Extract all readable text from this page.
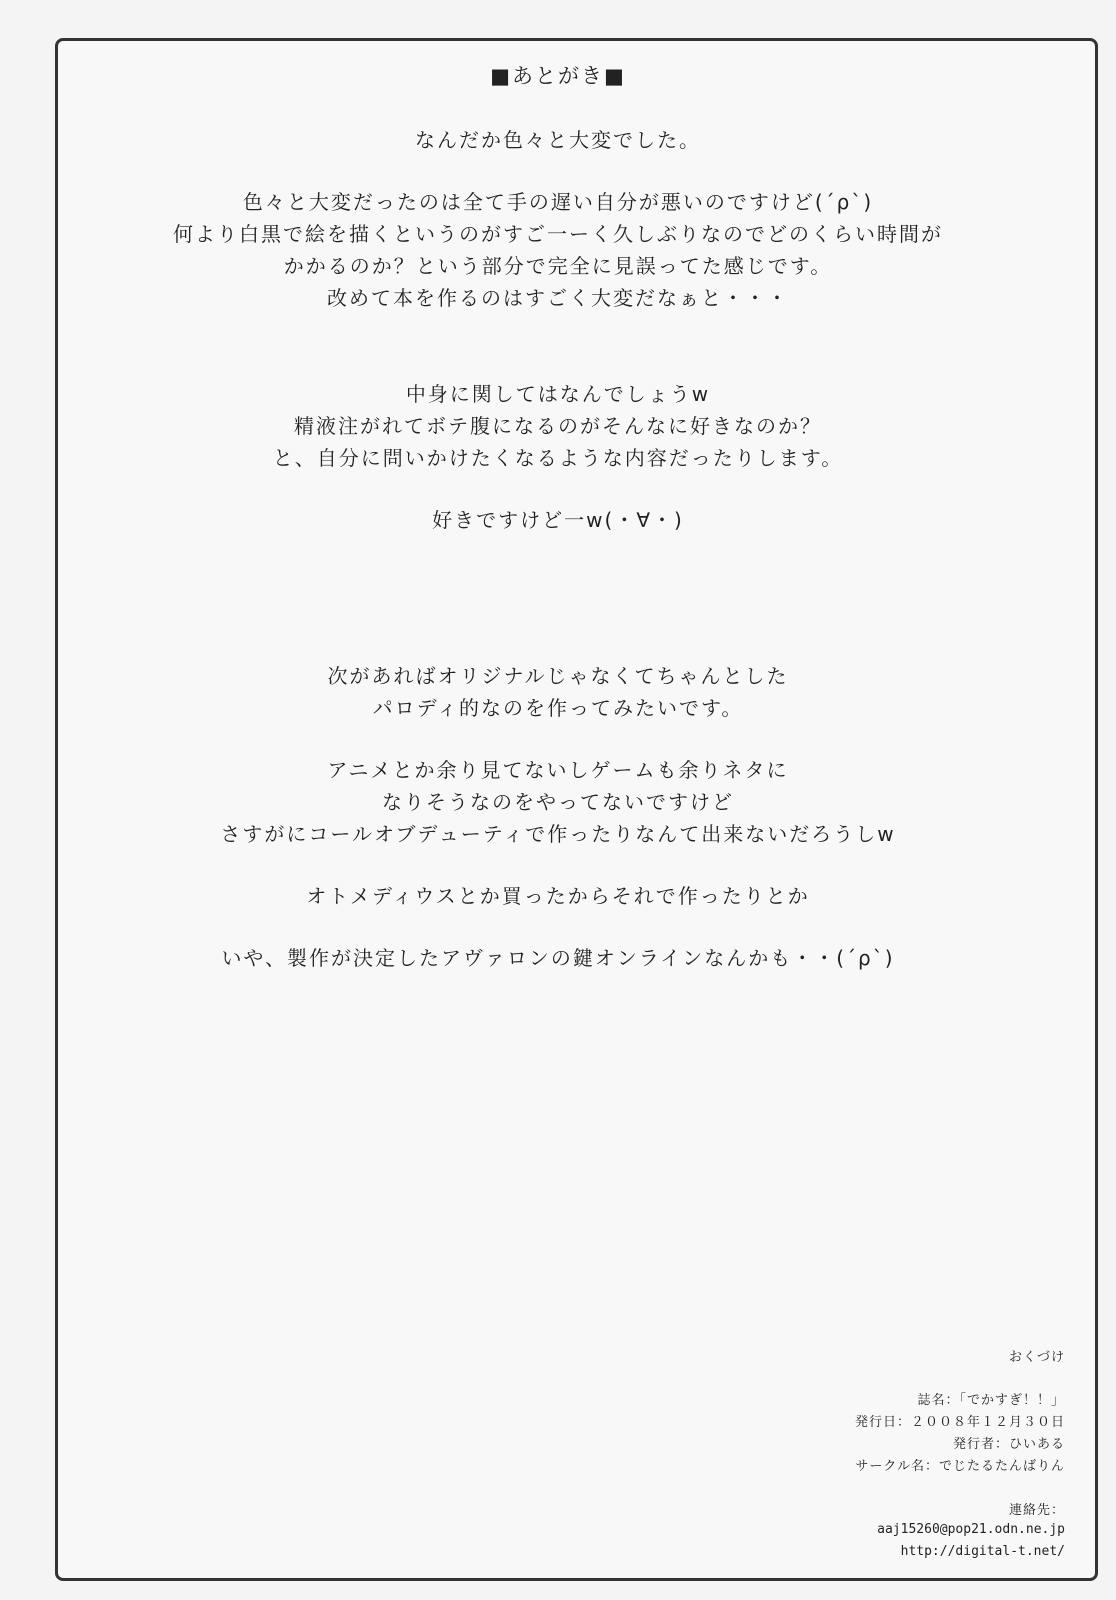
■あとがき■
なんだか色々と大変でした。
色々と大変だったのは全て手の遅い自分が悪いのですけど(´ρ`)
何より白黒で絵を描くというのがすご一ーく久しぶりなのでどのくらい時間が
かかるのか？という部分で完全に見誤ってた感じです。
改めて本を作るのはすごく大変だなぁと・・・
中身に関してはなんでしょうw
精液注がれてボテ腹になるのがそんなに好きなのか？
と、自分に問いかけたくなるような内容だったりします。
好きですけど一w(・∀・)
次があればオリジナルじゃなくてちゃんとした
パロディ的なのを作ってみたいです。
アニメとか余り見てないしゲームも余りネタに
なりそうなのをやってないですけど
さすがにコールオブデューティで作ったりなんて出来ないだろうしw
オトメディウスとか買ったからそれで作ったりとか
いや、製作が決定したアヴァロンの鍵オンラインなんかも・・(´ρ`)
おくづけ
誌名：「でかすぎ！！」
発行日：２００８年１２月３０日
発行者：ひいある
サークル名：でじたるたんばりん
連絡先：
aaj15260@pop21.odn.ne.jp
http://digital-t.net/
